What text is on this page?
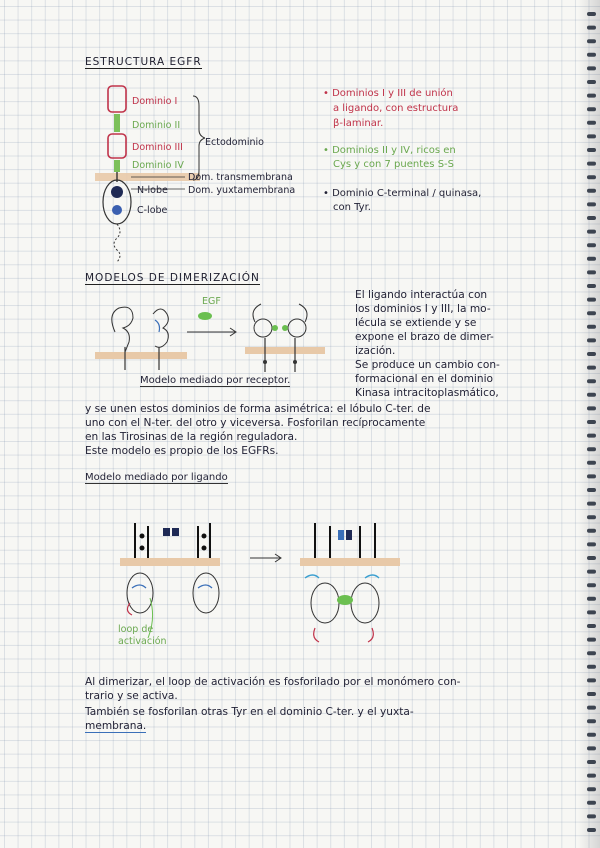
ESTRUCTURA EGFR
Dominio I
Dominio II
Dominio III
Dominio IV
Ectodominio
Dom. transmembrana
N-lobe Dom. yuxtamembrana
C-lobe
• Dominios I y III de unión
a ligando, con estructura
β-laminar.
• Dominios II y IV, ricos en
Cys y con 7 puentes S-S
• Dominio C-terminal / quinasa,
con Tyr.
MODELOS DE DIMERIZACIÓN
EGF
Modelo mediado por receptor.
El ligando interactúa con
los dominios I y III, la mo-
lécula se extiende y se
expone el brazo de dimer-
ización.
Se produce un cambio con-
formacional en el dominio
Kinasa intracitoplasmático,
y se unen estos dominios de forma asimétrica: el lóbulo C-ter. de
uno con el N-ter. del otro y viceversa. Fosforilan recíprocamente
en las Tirosinas de la región reguladora.
Este modelo es propio de los EGFRs.
Modelo mediado por ligando
loop de
activación
Al dimerizar, el loop de activación es fosforilado por el monómero con-
trario y se activa.
También se fosforilan otras Tyr en el dominio C-ter. y el yuxta-
membrana.
